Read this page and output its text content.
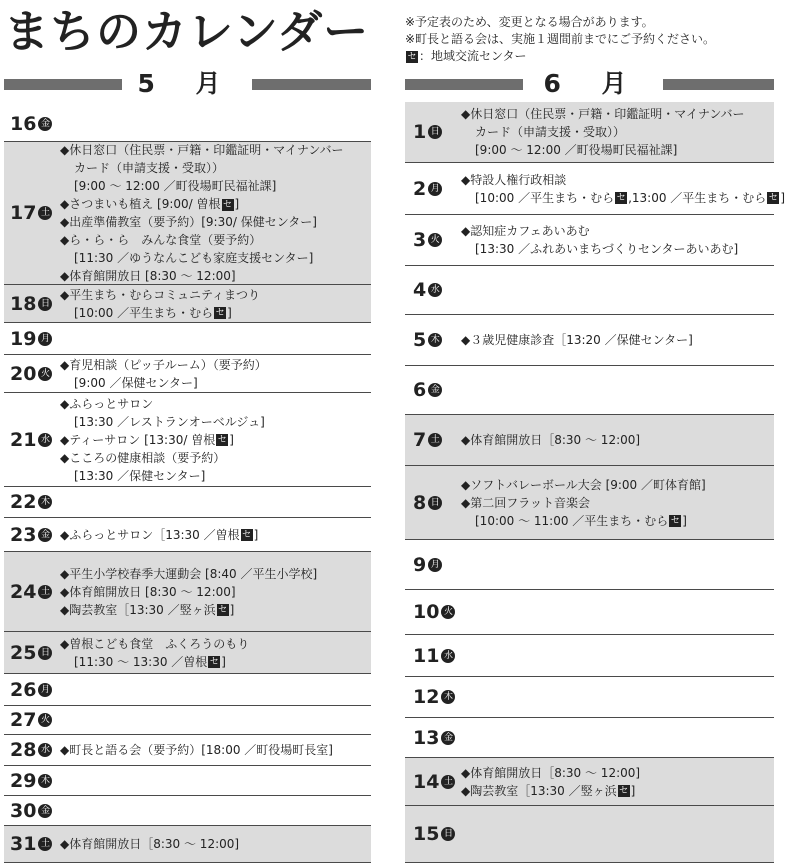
まちのカレンダー	※予定表のため、変更となる場合があります。
※町長と語る会は、実施１週間前までにご予約ください。
セ ：地域交流センター
5 月	6 月
16 金
17 土
◆休日窓口（住民票・戸籍・印鑑証明・マイナンバー
カード（申請支援・受取））
[9:00 ～ 12:00 ／町役場町民福祉課]
◆さつまいも植え [9:00/ 曽根 セ ]
◆出産準備教室（要予約）[9:30/ 保健センター]
◆ら・ら・ら　みんな食堂（要予約）
[11:30 ／ゆうなんこども家庭支援センター]
◆体育館開放日 [8:30 ～ 12:00]
18 日
◆平生まち・むらコミュニティまつり
[10:00 ／平生まち・むら セ ]
19 月
20 火
◆育児相談（ピッ子ルーム）（要予約）
[9:00 ／保健センター]
21 水
◆ふらっとサロン
[13:30 ／レストランオーベルジュ]
◆ティーサロン [13:30/ 曽根 セ ]
◆こころの健康相談（要予約）
[13:30 ／保健センター]
22 木
23 金 ◆ふらっとサロン［13:30 ／曽根 セ ]
24 土
◆平生小学校春季大運動会 [8:40 ／平生小学校]
◆体育館開放日 [8:30 ～ 12:00]
◆陶芸教室［13:30 ／竪ヶ浜 セ ]
25 日
◆曽根こども食堂　ふくろうのもり
[11:30 ～ 13:30 ／曽根 セ ]
26 月
27 火
28 水 ◆町長と語る会（要予約）[18:00 ／町役場町長室]
29 木
30 金
31 土 ◆体育館開放日［8:30 ～ 12:00]
1 日
◆休日窓口（住民票・戸籍・印鑑証明・マイナンバー
カード（申請支援・受取））
[9:00 ～ 12:00 ／町役場町民福祉課]
2 月
◆特設人権行政相談
[10:00 ／平生まち・むら セ ,13:00 ／平生まち・むら セ ]
3 火
◆認知症カフェあいあむ
[13:30 ／ふれあいまちづくりセンターあいあむ]
4 水
5 木 ◆３歳児健康診査［13:20 ／保健センター]
6 金
7 土 ◆体育館開放日［8:30 ～ 12:00]
8 日
◆ソフトバレーボール大会 [9:00 ／町体育館]
◆第二回フラット音楽会
[10:00 ～ 11:00 ／平生まち・むら セ ]
9 月
10 火
11 水
12 木
13 金
14 土
◆体育館開放日［8:30 ～ 12:00]
◆陶芸教室［13:30 ／竪ヶ浜 セ ]
15 日
